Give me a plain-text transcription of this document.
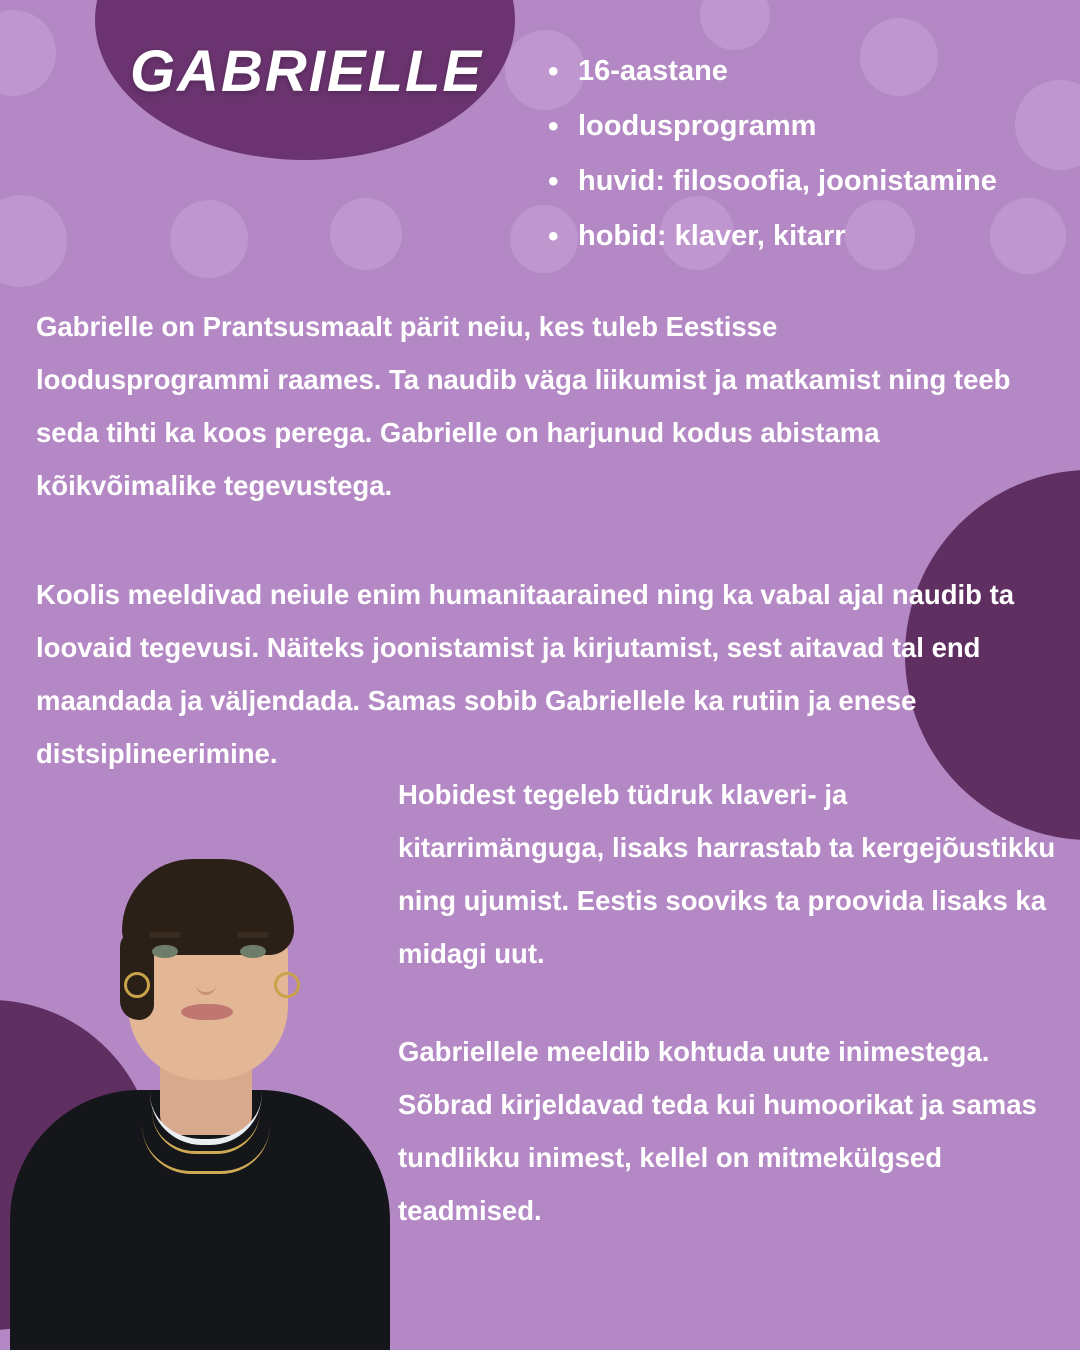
GABRIELLE	• 16-aastane
• loodusprogramm
• huvid: filosoofia, joonistamine
• hobid: klaver, kitarr
Gabrielle on Prantsusmaalt pärit neiu, kes tuleb Eestisse loodusprogrammi raames. Ta naudib väga liikumist ja matkamist ning teeb seda tihti ka koos perega. Gabrielle on harjunud kodus abistama kõikvõimalike tegevustega.
Koolis meeldivad neiule enim humanitaarained ning ka vabal ajal naudib ta loovaid tegevusi. Näiteks joonistamist ja kirjutamist, sest aitavad tal end maandada ja väljendada. Samas sobib Gabriellele ka rutiin ja enese distsiplineerimine.
Hobidest tegeleb tüdruk klaveri- ja kitarrimänguga, lisaks harrastab ta kergejõustikku ning ujumist. Eestis sooviks ta proovida lisaks ka midagi uut.
Gabriellele meeldib kohtuda uute inimestega. Sõbrad kirjeldavad teda kui humoorikat ja samas tundlikku inimest, kellel on mitmekülgsed teadmised.
